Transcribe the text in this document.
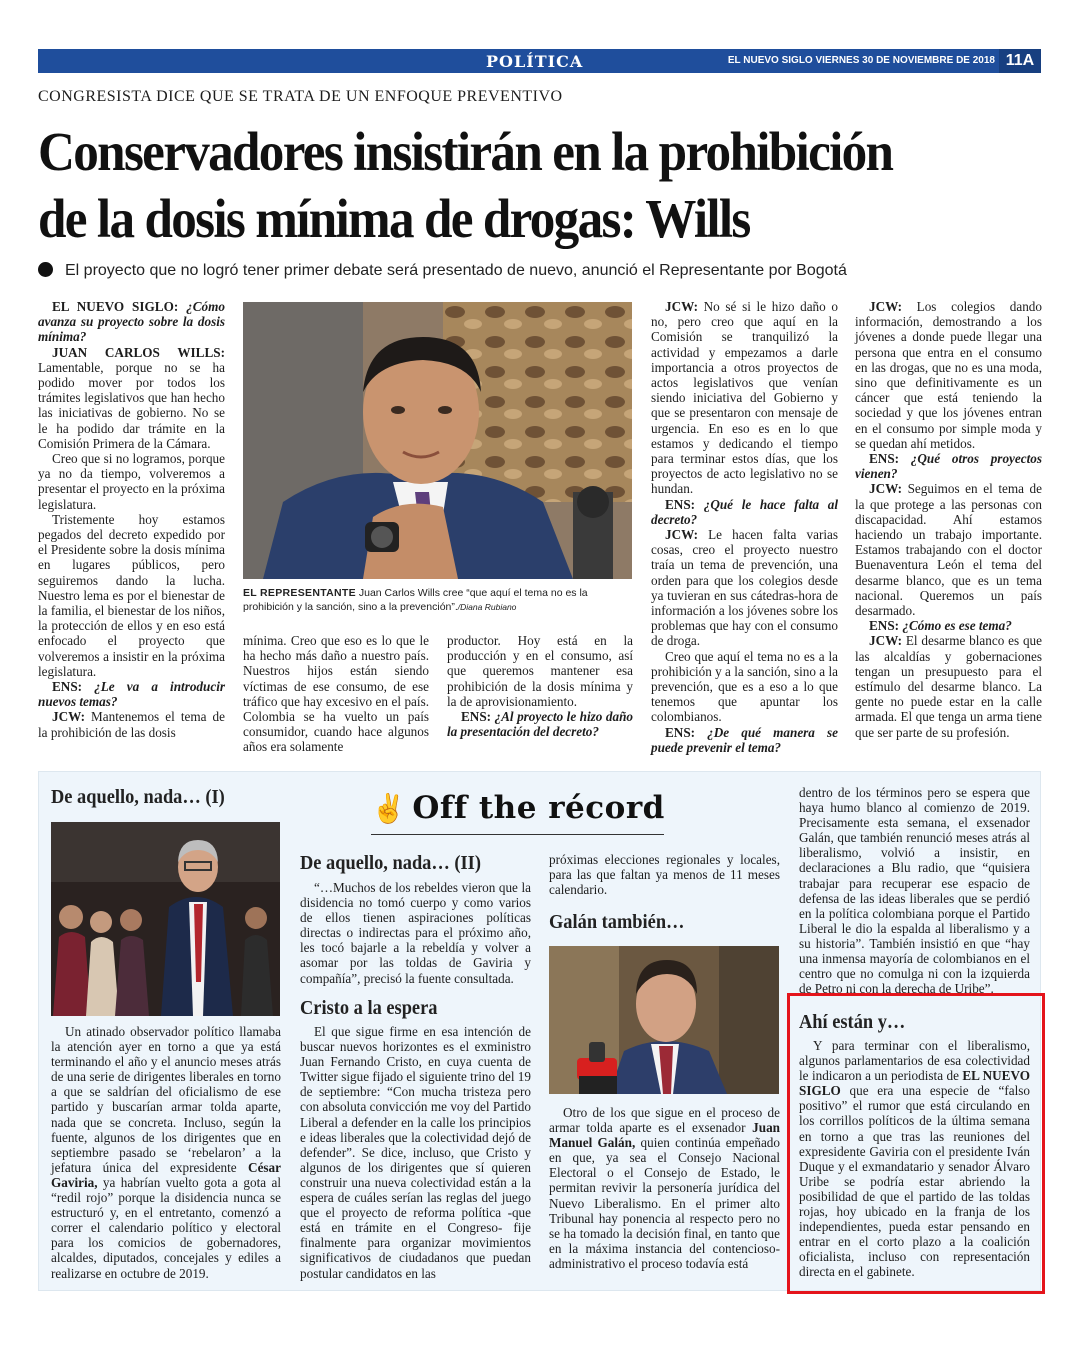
POLÍTICA	EL NUEVO SIGLO VIERNES 30 DE NOVIEMBRE DE 2018 11A
CONGRESISTA DICE QUE SE TRATA DE UN ENFOQUE PREVENTIVO
Conservadores insistirán en la prohibición
de la dosis mínima de drogas: Wills
El proyecto que no logró tener primer debate será presentado de nuevo, anunció el Representante por Bogotá

EL NUEVO SIGLO: ¿Cómo avanza su proyecto sobre la dosis mínima?

JUAN CARLOS WILLS: Lamentable, porque no se ha podido mover por todos los trámites legislativos que han hecho las iniciativas de gobierno. No se le ha podido dar trámite en la Comisión Primera de la Cámara.

Creo que si no logramos, porque ya no da tiempo, volveremos a presentar el proyecto en la próxima legislatura.

Tristemente hoy estamos pegados del decreto expedido por el Presidente sobre la dosis mínima en lugares públicos, pero seguiremos dando la lucha. Nuestro lema es por el bienestar de la familia, el bienestar de los niños, la protección de ellos y en eso está enfocado el proyecto que volveremos a insistir en la próxima legislatura.

ENS: ¿Le va a introducir nuevos temas?

JCW: Mantenemos el tema de la prohibición de las dosis

EL REPRESENTANTE Juan Carlos Wills cree “que aquí el tema no es la prohibición y la sanción, sino a la prevención”./Diana Rubiano

mínima. Creo que eso es lo que le ha hecho más daño a nuestro país. Nuestros hijos están siendo víctimas de ese consumo, de ese tráfico que hay excesivo en el país. Colombia se ha vuelto un país consumidor, cuando hace algunos años era solamente

productor. Hoy está en la producción y en el consumo, así que queremos mantener esa prohibición de la dosis mínima y la de aprovisionamiento.

ENS: ¿Al proyecto le hizo daño la presentación del decreto?

JCW: No sé si le hizo daño o no, pero creo que aquí en la Comisión se tranquilizó la actividad y empezamos a darle importancia a otros proyectos de actos legislativos que venían siendo iniciativa del Gobierno y que se presentaron con mensaje de urgencia. En eso es en lo que estamos y dedicando el tiempo para terminar estos días, que los proyectos de acto legislativo no se hundan.

ENS: ¿Qué le hace falta al decreto?

JCW: Le hacen falta varias cosas, creo el proyecto nuestro traía un tema de prevención, una orden para que los colegios desde ya tuvieran en sus cátedras-hora de información a los jóvenes sobre los problemas que hay con el consumo de droga.

Creo que aquí el tema no es a la prohibición y a la sanción, sino a la prevención, que es a eso a lo que tenemos que apuntar los colombianos.

ENS: ¿De qué manera se puede prevenir el tema?

JCW: Los colegios dando información, demostrando a los jóvenes a donde puede llegar una persona que entra en el consumo en las drogas, que no es una moda, sino que definitivamente es un cáncer que está teniendo la sociedad y que los jóvenes entran en el consumo por simple moda y se quedan ahí metidos.

ENS: ¿Qué otros proyectos vienen?

JCW: Seguimos en el tema de la que protege a las personas con discapacidad. Ahí estamos haciendo un trabajo importante. Estamos trabajando con el doctor Buenaventura León el tema del desarme blanco, que es un tema nacional. Queremos un país desarmado.

ENS: ¿Cómo es ese tema?

JCW: El desarme blanco es que las alcaldías y gobernaciones tengan un presupuesto para el estímulo del desarme blanco. La gente no puede estar en la calle armada. El que tenga un arma tiene que ser parte de su profesión.

✌ Off the récord
De aquello, nada… (I)

Un atinado observador político llamaba la atención ayer en torno a que ya está terminando el año y el anuncio meses atrás de una serie de dirigentes liberales en torno a que se saldrían del oficialismo de ese partido y buscarían armar tolda aparte, nada que se concreta. Incluso, según la fuente, algunos de los dirigentes que en septiembre pasado se ‘rebelaron’ a la jefatura única del expresidente César Gaviria, ya habrían vuelto gota a gota al “redil rojo” porque la disidencia nunca se estructuró y, en el entretanto, comenzó a correr el calendario político y electoral para los comicios de gobernadores, alcaldes, diputados, concejales y ediles a realizarse en octubre de 2019.

De aquello, nada… (II)

“…Muchos de los rebeldes vieron que la disidencia no tomó cuerpo y como varios de ellos tienen aspiraciones políticas directas o indirectas para el próximo año, les tocó bajarle a la rebeldía y volver a asomar por las toldas de Gaviria y compañía”, precisó la fuente consultada.

Cristo a la espera

El que sigue firme en esa intención de buscar nuevos horizontes es el exministro Juan Fernando Cristo, en cuya cuenta de Twitter sigue fijado el siguiente trino del 19 de septiembre: “Con mucha tristeza pero con absoluta convicción me voy del Partido Liberal a defender en la calle los principios e ideas liberales que la colectividad dejó de defender”. Se dice, incluso, que Cristo y algunos de los dirigentes que sí quieren construir una nueva colectividad están a la espera de cuáles serían las reglas del juego que el proyecto de reforma política -que está en trámite en el Congreso- fije finalmente para organizar movimientos significativos de ciudadanos que puedan postular candidatos en las

próximas elecciones regionales y locales, para las que faltan ya menos de 11 meses calendario.

Galán también…

Otro de los que sigue en el proceso de armar tolda aparte es el exsenador Juan Manuel Galán, quien continúa empeñado en que, ya sea el Consejo Nacional Electoral o el Consejo de Estado, le permitan revivir la personería jurídica del Nuevo Liberalismo. En el primer alto Tribunal hay ponencia al respecto pero no se ha tomado la decisión final, en tanto que en la máxima instancia del contencioso-administrativo el proceso todavía está

dentro de los términos pero se espera que haya humo blanco al comienzo de 2019. Precisamente esta semana, el exsenador Galán, que también renunció meses atrás al liberalismo, volvió a insistir, en declaraciones a Blu radio, que “quisiera trabajar para recuperar ese espacio de defensa de las ideas liberales que se perdió en la política colombiana porque el Partido Liberal le dio la espalda al liberalismo y a su historia”. También insistió en que “hay una inmensa mayoría de colombianos en el centro que no comulga ni con la izquierda de Petro ni con la derecha de Uribe”.

Ahí están y…

Y para terminar con el liberalismo, algunos parlamentarios de esa colectividad le indicaron a un periodista de EL NUEVO SIGLO que era una especie de “falso positivo” el rumor que está circulando en los corrillos políticos de la última semana en torno a que tras las reuniones del expresidente Gaviria con el presidente Iván Duque y el exmandatario y senador Álvaro Uribe se podría estar abriendo la posibilidad de que el partido de las toldas rojas, hoy ubicado en la franja de los independientes, pueda estar pensando en entrar en el corto plazo a la coalición oficialista, incluso con representación directa en el gabinete.
